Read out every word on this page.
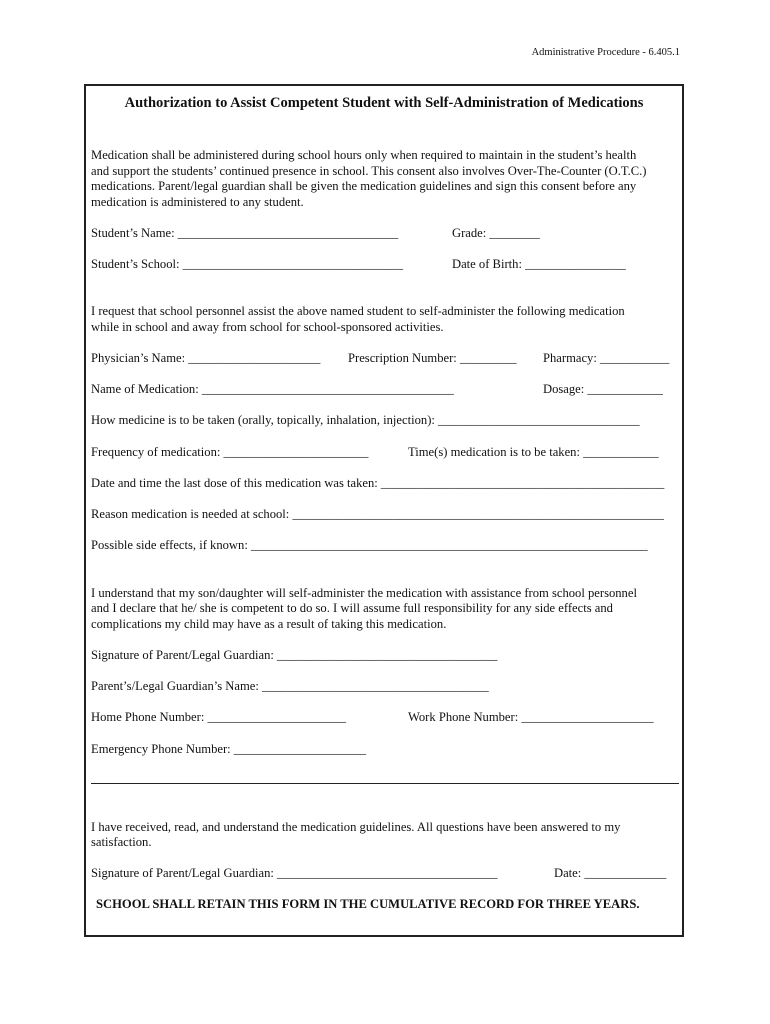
Administrative Procedure - 6.405.1
Authorization to Assist Competent Student with Self-Administration of Medications
Medication shall be administered during school hours only when required to maintain in the student’s health
and support the students’ continued presence in school. This consent also involves Over-The-Counter (O.T.C.)
medications. Parent/legal guardian shall be given the medication guidelines and sign this consent before any
medication is administered to any student.
Student’s Name: ___________________________________	Grade: ________
Student’s School: ___________________________________	Date of Birth: ________________
I request that school personnel assist the above named student to self-administer the following medication
while in school and away from school for school-sponsored activities.
Physician’s Name: _____________________ Prescription Number: _________ Pharmacy: ___________
Name of Medication: ________________________________________	Dosage: ____________
How medicine is to be taken (orally, topically, inhalation, injection): ________________________________
Frequency of medication: _______________________	Time(s) medication is to be taken: ____________
Date and time the last dose of this medication was taken: _____________________________________________
Reason medication is needed at school: ___________________________________________________________
Possible side effects, if known: _______________________________________________________________
I understand that my son/daughter will self-administer the medication with assistance from school personnel
and I declare that he/ she is competent to do so. I will assume full responsibility for any side effects and
complications my child may have as a result of taking this medication.
Signature of Parent/Legal Guardian: ___________________________________
Parent’s/Legal Guardian’s Name: ____________________________________
Home Phone Number: ______________________	Work Phone Number: _____________________
Emergency Phone Number: _____________________
I have received, read, and understand the medication guidelines. All questions have been answered to my
satisfaction.
Signature of Parent/Legal Guardian: ___________________________________	Date: _____________
SCHOOL SHALL RETAIN THIS FORM IN THE CUMULATIVE RECORD FOR THREE YEARS.
